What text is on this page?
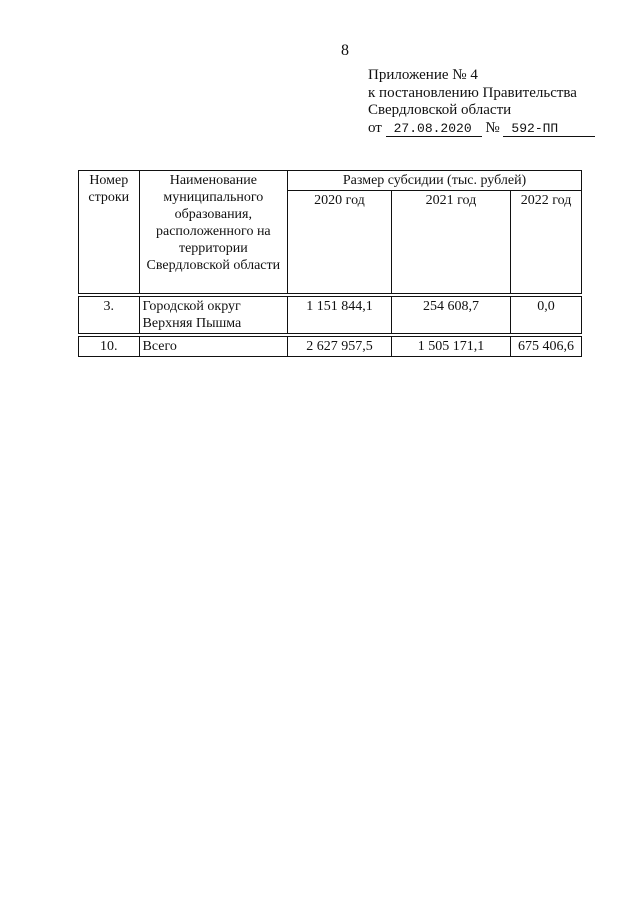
8
Приложение № 4
к постановлению Правительства
Свердловской области
от 27.08.2020 № 592-ПП
Номер строки	Наименование муниципального образования, расположенного на территории Свердловской области	Размер субсидии (тыс. рублей)		
		2020 год	2021 год	2022 год

3.	Городской округ Верхняя Пышма	1 151 844,1	254 608,7	0,0

10.	Всего	2 627 957,5	1 505 171,1	675 406,6
